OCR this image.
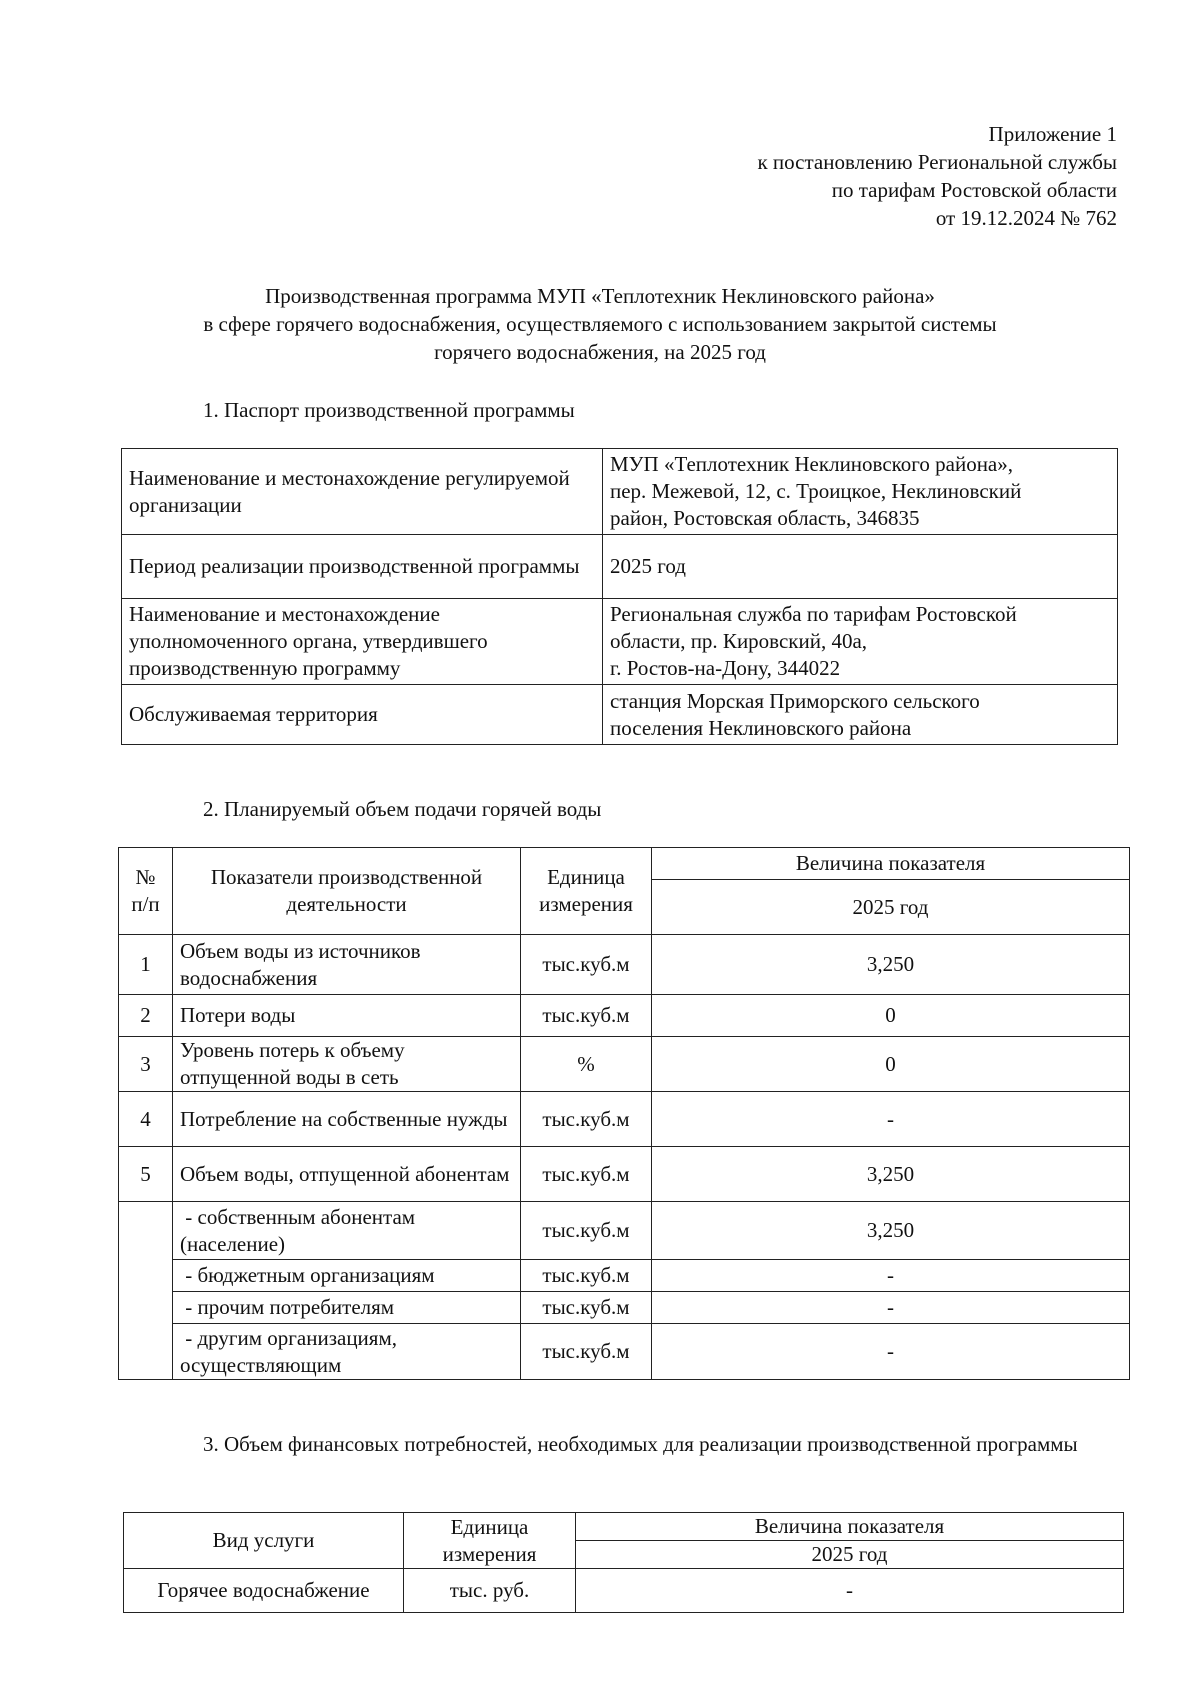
Приложение 1
к постановлению Региональной службы
по тарифам Ростовской области
от 19.12.2024 № 762
Производственная программа МУП «Теплотехник Неклиновского района»
в сфере горячего водоснабжения, осуществляемого с использованием закрытой системы
горячего водоснабжения, на 2025 год
1. Паспорт производственной программы
Наименование и местонахождение регулируемой организации	МУП «Теплотехник Неклиновского района»,
пер. Межевой, 12, с. Троицкое, Неклиновский
район, Ростовская область, 346835

Период реализации производственной программы	2025 год

Наименование и местонахождение уполномоченного органа, утвердившего производственную программу	Региональная служба по тарифам Ростовской
области, пр. Кировский, 40а,
г. Ростов-на-Дону, 344022

Обслуживаемая территория	станция Морская Приморского сельского
поселения Неклиновского района
2. Планируемый объем подачи горячей воды
№ п/п	Показатели производственной деятельности	Единица измерения	Величина показателя
			2025 год
1	Объем воды из источников водоснабжения	тыс.куб.м	3,250
2	Потери воды	тыс.куб.м	0
3	Уровень потерь к объему отпущенной воды в сеть	%	0
4	Потребление на собственные нужды	тыс.куб.м	-
5	Объем воды, отпущенной абонентам	тыс.куб.м	3,250
	- собственным абонентам (население)	тыс.куб.м	3,250
	- бюджетным организациям	тыс.куб.м	-
	- прочим потребителям	тыс.куб.м	-
	- другим организациям, осуществляющим	тыс.куб.м	-
3. Объем финансовых потребностей, необходимых для реализации производственной программы
Вид услуги	Единица измерения	Величина показателя
		2025 год
Горячее водоснабжение	тыс. руб.	-
